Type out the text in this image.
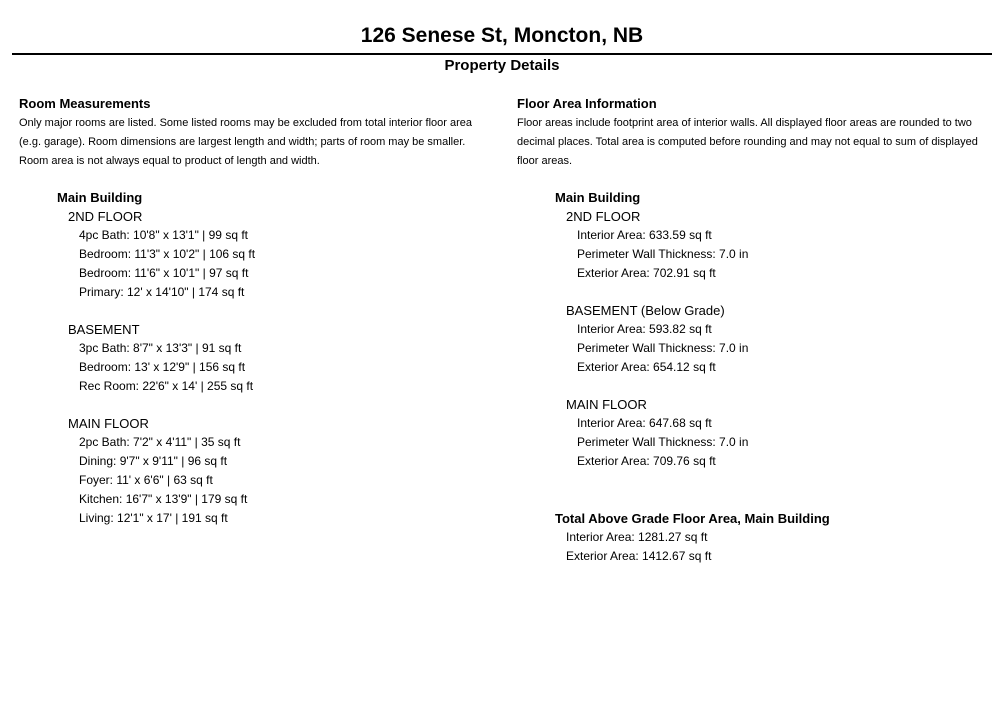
126 Senese St, Moncton, NB
Property Details
Room Measurements
Only major rooms are listed. Some listed rooms may be excluded from total interior floor area (e.g. garage). Room dimensions are largest length and width; parts of room may be smaller. Room area is not always equal to product of length and width.
Main Building
2ND FLOOR
4pc Bath: 10'8" x 13'1" | 99 sq ft
Bedroom: 11'3" x 10'2" | 106 sq ft
Bedroom: 11'6" x 10'1" | 97 sq ft
Primary: 12' x 14'10" | 174 sq ft
BASEMENT
3pc Bath: 8'7" x 13'3" | 91 sq ft
Bedroom: 13' x 12'9" | 156 sq ft
Rec Room: 22'6" x 14' | 255 sq ft
MAIN FLOOR
2pc Bath: 7'2" x 4'11" | 35 sq ft
Dining: 9'7" x 9'11" | 96 sq ft
Foyer: 11' x 6'6" | 63 sq ft
Kitchen: 16'7" x 13'9" | 179 sq ft
Living: 12'1" x 17' | 191 sq ft
Floor Area Information
Floor areas include footprint area of interior walls. All displayed floor areas are rounded to two decimal places. Total area is computed before rounding and may not equal to sum of displayed floor areas.
Main Building
2ND FLOOR
Interior Area: 633.59 sq ft
Perimeter Wall Thickness: 7.0 in
Exterior Area: 702.91 sq ft
BASEMENT (Below Grade)
Interior Area: 593.82 sq ft
Perimeter Wall Thickness: 7.0 in
Exterior Area: 654.12 sq ft
MAIN FLOOR
Interior Area: 647.68 sq ft
Perimeter Wall Thickness: 7.0 in
Exterior Area: 709.76 sq ft
Total Above Grade Floor Area, Main Building
Interior Area: 1281.27 sq ft
Exterior Area: 1412.67 sq ft
